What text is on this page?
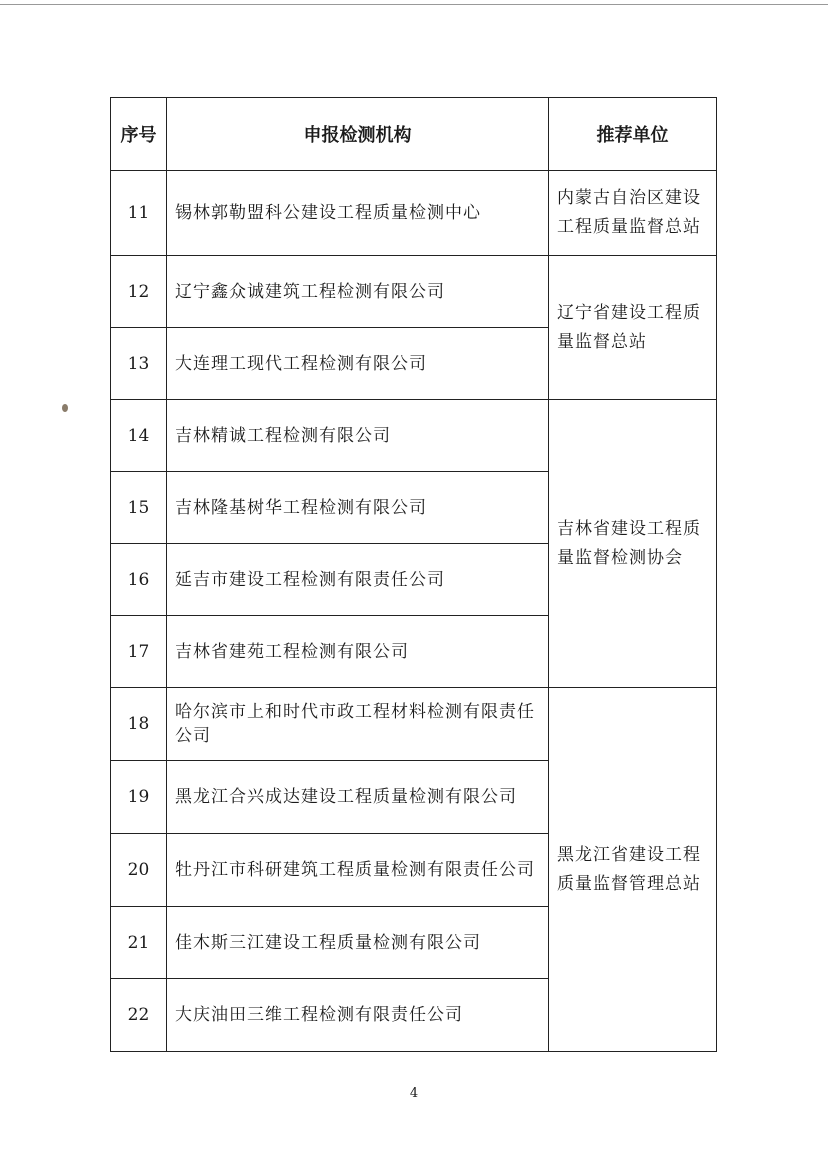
序号	申报检测机构	推荐单位
11	锡林郭勒盟科公建设工程质量检测中心	内蒙古自治区建设工程质量监督总站
12	辽宁鑫众诚建筑工程检测有限公司	辽宁省建设工程质量监督总站
13	大连理工现代工程检测有限公司	
14	吉林精诚工程检测有限公司	吉林省建设工程质量监督检测协会
15	吉林隆基树华工程检测有限公司	
16	延吉市建设工程检测有限责任公司	
17	吉林省建苑工程检测有限公司	
18	哈尔滨市上和时代市政工程材料检测有限责任公司	黑龙江省建设工程质量监督管理总站
19	黑龙江合兴成达建设工程质量检测有限公司	
20	牡丹江市科研建筑工程质量检测有限责任公司	
21	佳木斯三江建设工程质量检测有限公司	
22	大庆油田三维工程检测有限责任公司	
4
